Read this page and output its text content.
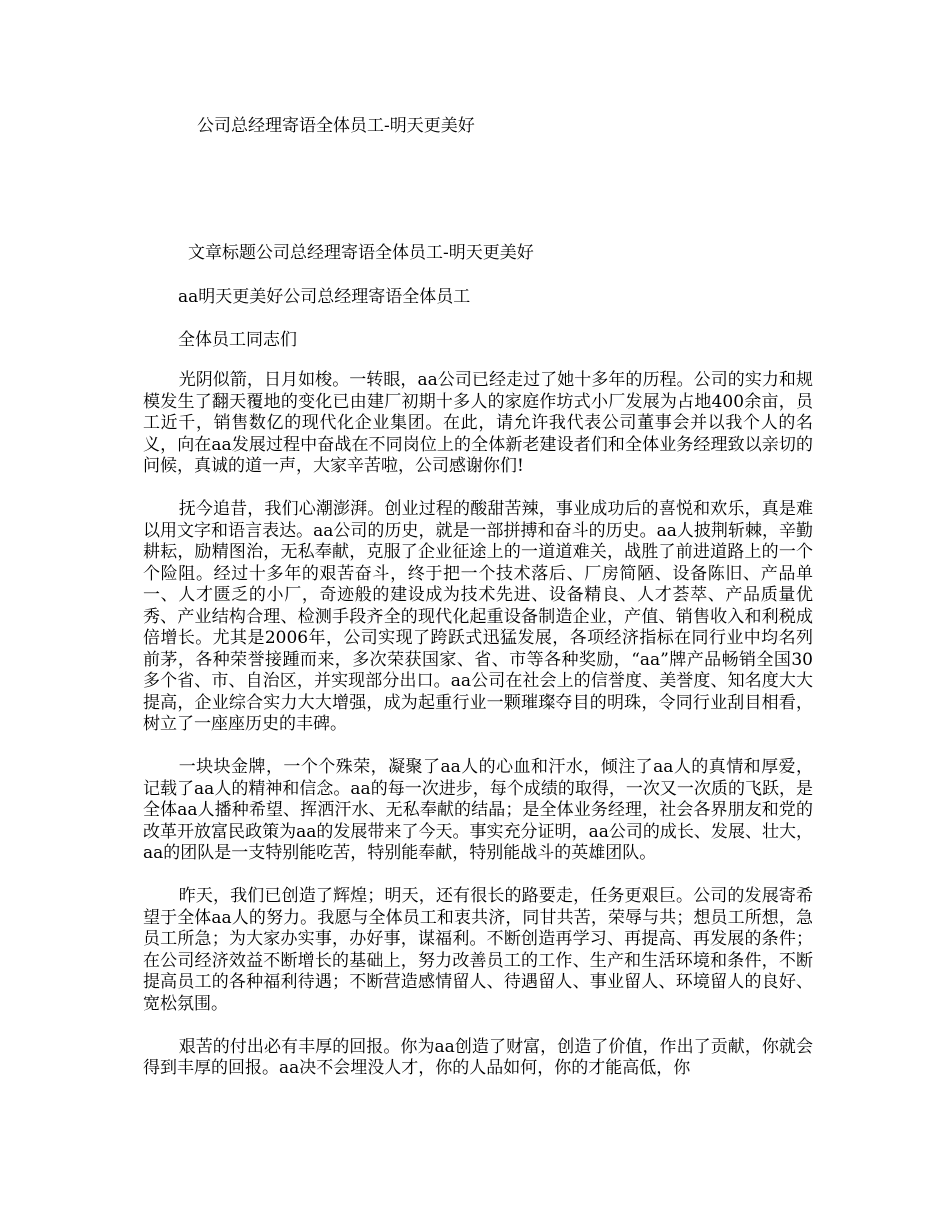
公司总经理寄语全体员工-明天更美好
文章标题公司总经理寄语全体员工-明天更美好
aa明天更美好公司总经理寄语全体员工
全体员工同志们

光阴似箭，日月如梭。一转眼，aa公司已经走过了她十多年的历程。公司的实力和规模发生了翻天覆地的变化已由建厂初期十多人的家庭作坊式小厂发展为占地400余亩，员工近千，销售数亿的现代化企业集团。在此，请允许我代表公司董事会并以我个人的名义，向在aa发展过程中奋战在不同岗位上的全体新老建设者们和全体业务经理致以亲切的问候，真诚的道一声，大家辛苦啦，公司感谢你们!

抚今追昔，我们心潮澎湃。创业过程的酸甜苦辣，事业成功后的喜悦和欢乐，真是难以用文字和语言表达。aa公司的历史，就是一部拼搏和奋斗的历史。aa人披荆斩棘，辛勤耕耘，励精图治，无私奉献，克服了企业征途上的一道道难关，战胜了前进道路上的一个个险阻。经过十多年的艰苦奋斗，终于把一个技术落后、厂房简陋、设备陈旧、产品单一、人才匮乏的小厂，奇迹般的建设成为技术先进、设备精良、人才荟萃、产品质量优秀、产业结构合理、检测手段齐全的现代化起重设备制造企业，产值、销售收入和利税成倍增长。尤其是2006年，公司实现了跨跃式迅猛发展，各项经济指标在同行业中均名列前茅，各种荣誉接踵而来，多次荣获国家、省、市等各种奖励，“aa”牌产品畅销全国30多个省、市、自治区，并实现部分出口。aa公司在社会上的信誉度、美誉度、知名度大大提高，企业综合实力大大增强，成为起重行业一颗璀璨夺目的明珠，令同行业刮目相看，树立了一座座历史的丰碑。

一块块金牌，一个个殊荣，凝聚了aa人的心血和汗水，倾注了aa人的真情和厚爱，记载了aa人的精神和信念。aa的每一次进步，每个成绩的取得，一次又一次质的飞跃，是全体aa人播种希望、挥洒汗水、无私奉献的结晶；是全体业务经理，社会各界朋友和党的改革开放富民政策为aa的发展带来了今天。事实充分证明，aa公司的成长、发展、壮大，aa的团队是一支特别能吃苦，特别能奉献，特别能战斗的英雄团队。

昨天，我们已创造了辉煌；明天，还有很长的路要走，任务更艰巨。公司的发展寄希望于全体aa人的努力。我愿与全体员工和衷共济，同甘共苦，荣辱与共；想员工所想，急员工所急；为大家办实事，办好事，谋福利。不断创造再学习、再提高、再发展的条件；在公司经济效益不断增长的基础上，努力改善员工的工作、生产和生活环境和条件，不断提高员工的各种福利待遇；不断营造感情留人、待遇留人、事业留人、环境留人的良好、宽松氛围。

艰苦的付出必有丰厚的回报。你为aa创造了财富，创造了价值，作出了贡献，你就会得到丰厚的回报。aa决不会埋没人才，你的人品如何，你的才能高低，你
